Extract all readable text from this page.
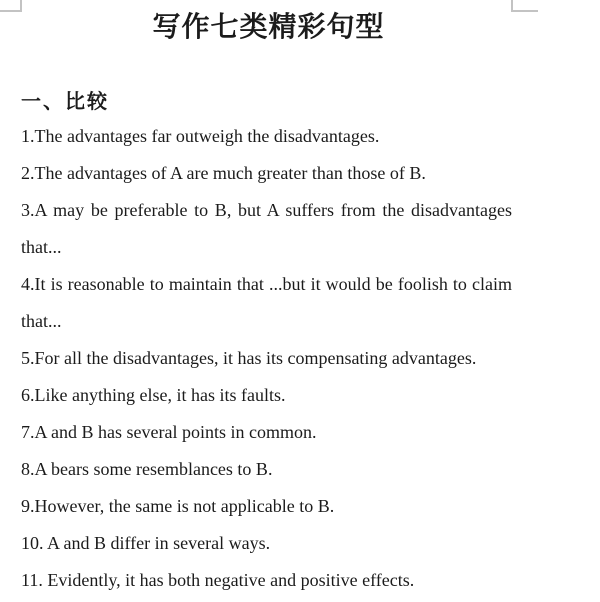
写作七类精彩句型
一、比较
1.The advantages far outweigh the disadvantages.
2.The advantages of A are much greater than those of B.
3.A may be preferable to B, but A suffers from the disadvantages
that...
4.It is reasonable to maintain that ...but it would be foolish to claim
that...
5.For all the disadvantages, it has its compensating advantages.
6.Like anything else, it has its faults.
7.A and B has several points in common.
8.A bears some resemblances to B.
9.However, the same is not applicable to B.
10. A and B differ in several ways.
11. Evidently, it has both negative and positive effects.
